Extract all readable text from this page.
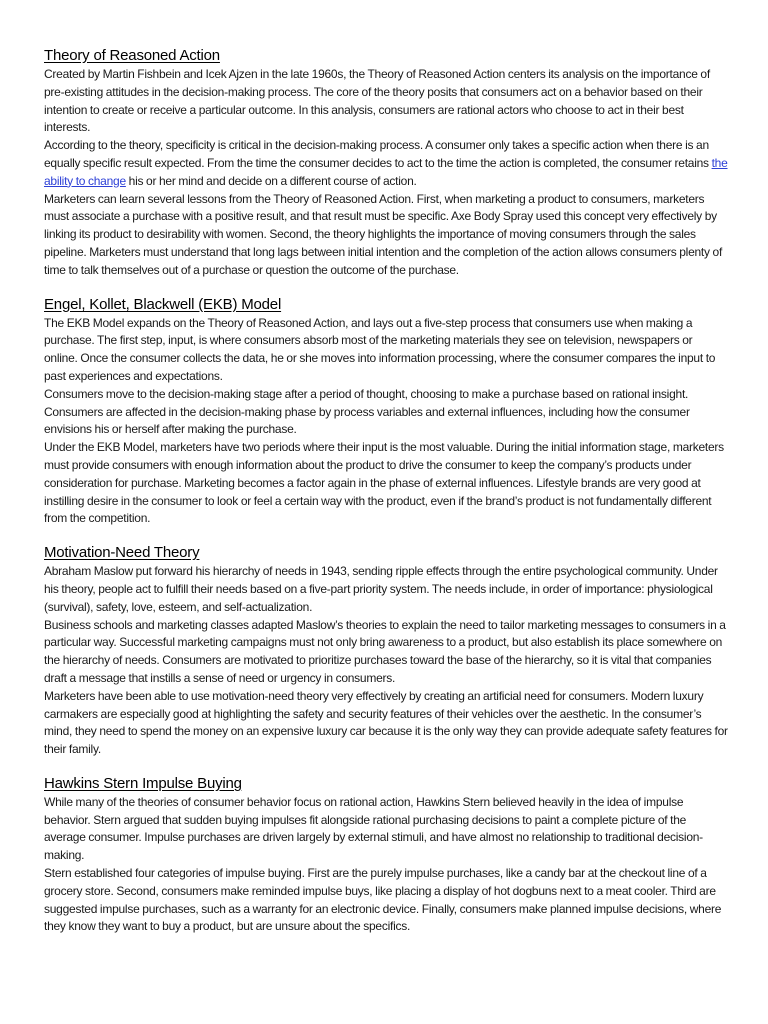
Theory of Reasoned Action

Created by Martin Fishbein and Icek Ajzen in the late 1960s, the Theory of Reasoned Action centers its analysis on the importance of pre-existing attitudes in the decision-making process. The core of the theory posits that consumers act on a behavior based on their intention to create or receive a particular outcome. In this analysis, consumers are rational actors who choose to act in their best interests.

According to the theory, specificity is critical in the decision-making process. A consumer only takes a specific action when there is an equally specific result expected. From the time the consumer decides to act to the time the action is completed, the consumer retains the ability to change his or her mind and decide on a different course of action.

Marketers can learn several lessons from the Theory of Reasoned Action. First, when marketing a product to consumers, marketers must associate a purchase with a positive result, and that result must be specific. Axe Body Spray used this concept very effectively by linking its product to desirability with women. Second, the theory highlights the importance of moving consumers through the sales pipeline. Marketers must understand that long lags between initial intention and the completion of the action allows consumers plenty of time to talk themselves out of a purchase or question the outcome of the purchase.

Engel, Kollet, Blackwell (EKB) Model

The EKB Model expands on the Theory of Reasoned Action, and lays out a five-step process that consumers use when making a purchase. The first step, input, is where consumers absorb most of the marketing materials they see on television, newspapers or online. Once the consumer collects the data, he or she moves into information processing, where the consumer compares the input to past experiences and expectations.

Consumers move to the decision-making stage after a period of thought, choosing to make a purchase based on rational insight. Consumers are affected in the decision-making phase by process variables and external influences, including how the consumer envisions his or herself after making the purchase.

Under the EKB Model, marketers have two periods where their input is the most valuable. During the initial information stage, marketers must provide consumers with enough information about the product to drive the consumer to keep the company’s products under consideration for purchase. Marketing becomes a factor again in the phase of external influences. Lifestyle brands are very good at instilling desire in the consumer to look or feel a certain way with the product, even if the brand’s product is not fundamentally different from the competition.

Motivation-Need Theory

Abraham Maslow put forward his hierarchy of needs in 1943, sending ripple effects through the entire psychological community. Under his theory, people act to fulfill their needs based on a five-part priority system. The needs include, in order of importance: physiological (survival), safety, love, esteem, and self-actualization.

Business schools and marketing classes adapted Maslow’s theories to explain the need to tailor marketing messages to consumers in a particular way. Successful marketing campaigns must not only bring awareness to a product, but also establish its place somewhere on the hierarchy of needs. Consumers are motivated to prioritize purchases toward the base of the hierarchy, so it is vital that companies draft a message that instills a sense of need or urgency in consumers.

Marketers have been able to use motivation-need theory very effectively by creating an artificial need for consumers. Modern luxury carmakers are especially good at highlighting the safety and security features of their vehicles over the aesthetic. In the consumer’s mind, they need to spend the money on an expensive luxury car because it is the only way they can provide adequate safety features for their family.

Hawkins Stern Impulse Buying

While many of the theories of consumer behavior focus on rational action, Hawkins Stern believed heavily in the idea of impulse behavior. Stern argued that sudden buying impulses fit alongside rational purchasing decisions to paint a complete picture of the average consumer. Impulse purchases are driven largely by external stimuli, and have almost no relationship to traditional decision-making.

Stern established four categories of impulse buying. First are the purely impulse purchases, like a candy bar at the checkout line of a grocery store. Second, consumers make reminded impulse buys, like placing a display of hot dogbuns next to a meat cooler. Third are suggested impulse purchases, such as a warranty for an electronic device. Finally, consumers make planned impulse decisions, where they know they want to buy a product, but are unsure about the specifics.
